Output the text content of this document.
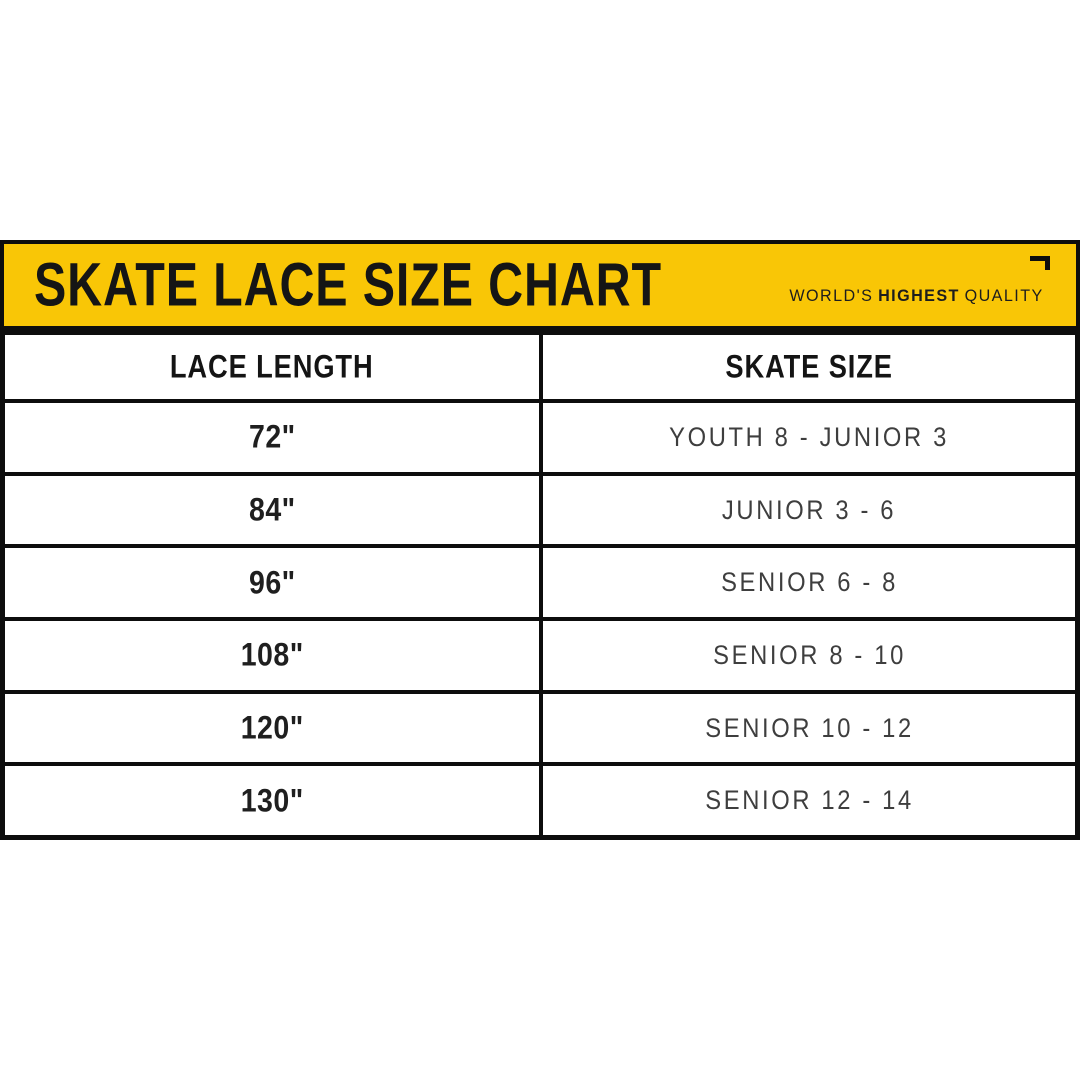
SKATE LACE SIZE CHART	WORLD'S HIGHEST QUALITY
LACE LENGTH	SKATE SIZE
72"	YOUTH 8 - JUNIOR 3
84"	JUNIOR 3 - 6
96"	SENIOR 6 - 8
108"	SENIOR 8 - 10
120"	SENIOR 10 - 12
130"	SENIOR 12 - 14
